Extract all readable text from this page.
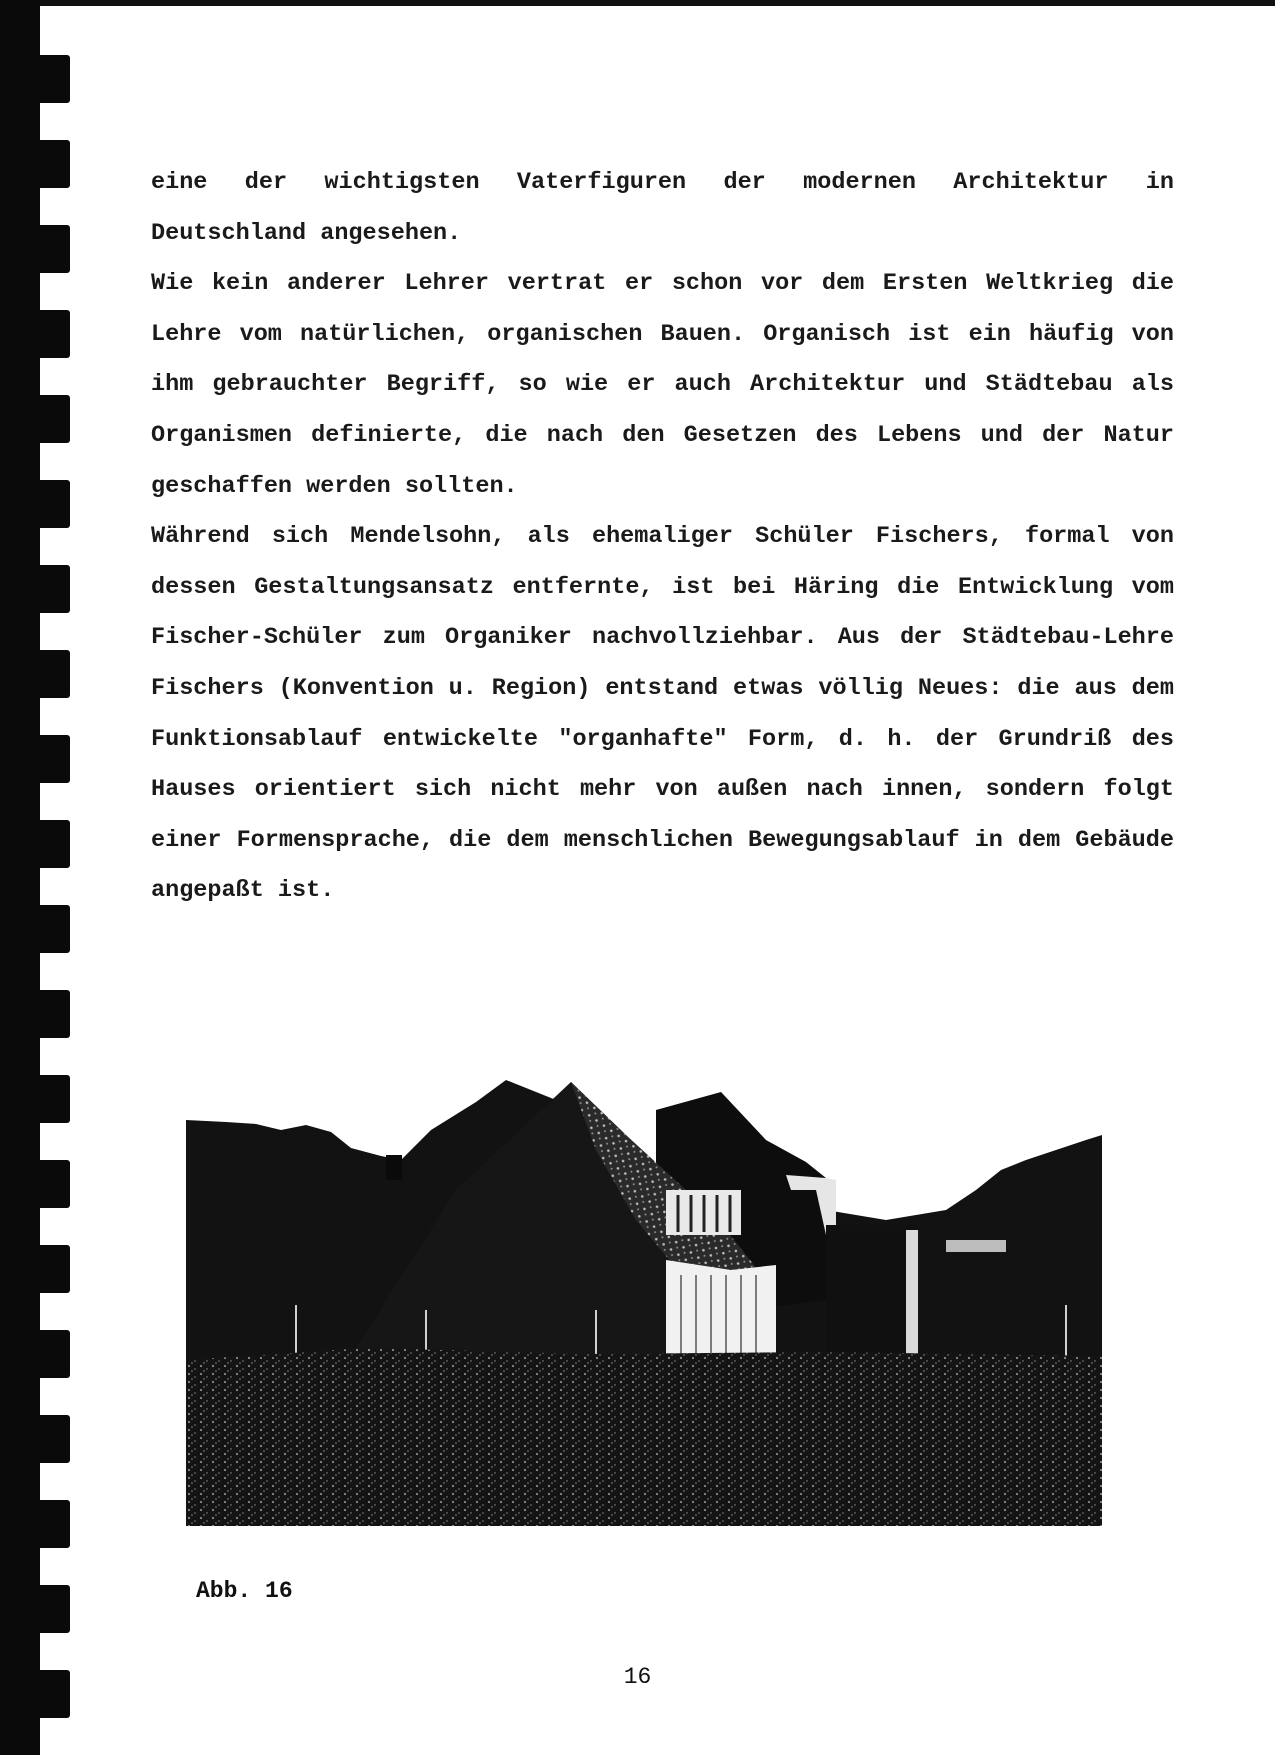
eine der wichtigsten Vaterfiguren der modernen Architektur in Deutschland angesehen.

Wie kein anderer Lehrer vertrat er schon vor dem Ersten Weltkrieg die Lehre vom natürlichen, organischen Bauen. Organisch ist ein häufig von ihm gebrauchter Begriff, so wie er auch Architektur und Städtebau als Organismen definierte, die nach den Gesetzen des Lebens und der Natur geschaffen werden sollten.

Während sich Mendelsohn, als ehemaliger Schüler Fischers, formal von dessen Gestaltungsansatz entfernte, ist bei Häring die Entwicklung vom Fischer-Schüler zum Organiker nachvollziehbar. Aus der Städtebau-Lehre Fischers (Konvention u. Region) entstand etwas völlig Neues: die aus dem Funktionsablauf entwickelte "organhafte" Form, d. h. der Grundriß des Hauses orientiert sich nicht mehr von außen nach innen, sondern folgt einer Formensprache, die dem menschlichen Bewegungsablauf in dem Gebäude angepaßt ist.

Abb. 16
16
